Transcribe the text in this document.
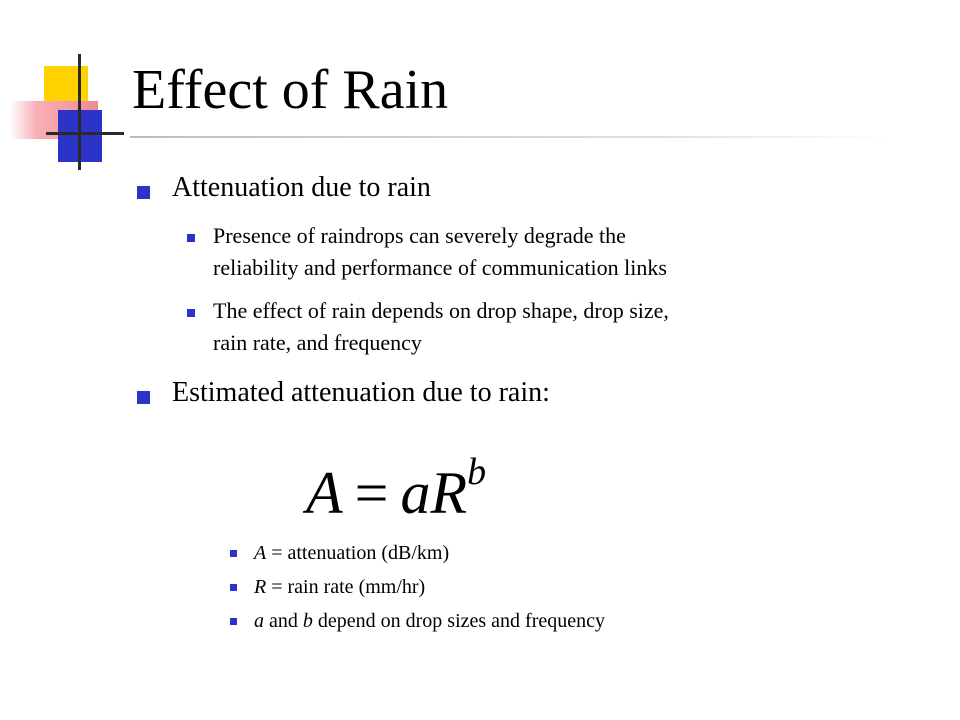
Effect of Rain

Attenuation due to rain

Presence of raindrops can severely degrade the

reliability and performance of communication links

The effect of rain depends on drop shape, drop size,

rain rate, and frequency

Estimated attenuation due to rain:

$A = aR^b$

A = attenuation (dB/km)

R = rain rate (mm/hr)

a and b depend on drop sizes and frequency
